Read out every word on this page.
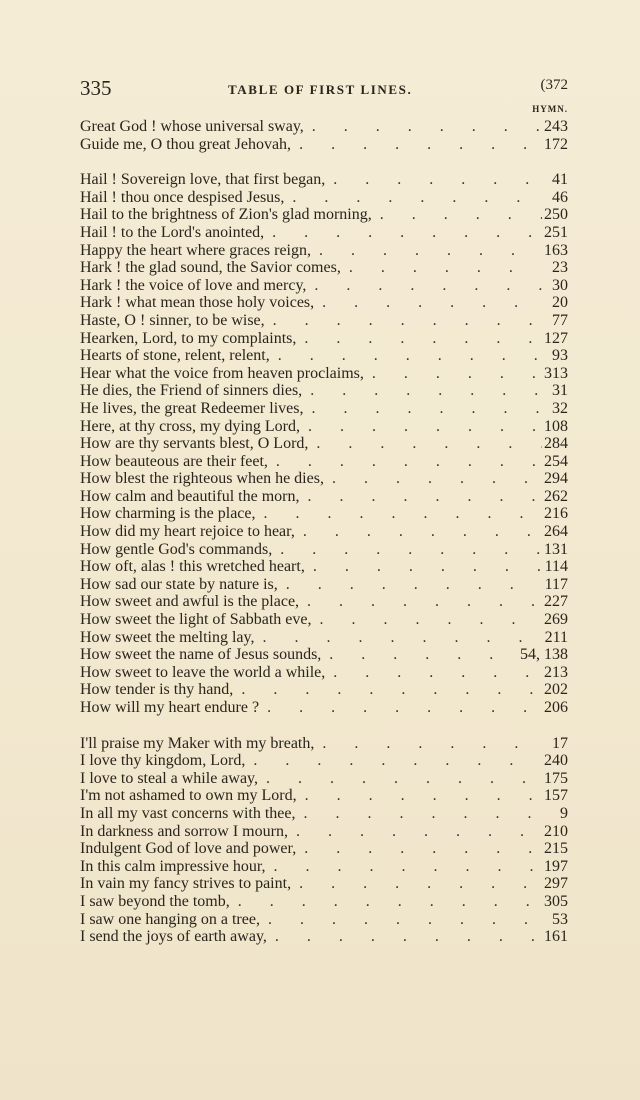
335	TABLE OF FIRST LINES.	(372
HYMN.
Great God ! whose universal sway, . . .	243
Guide me, O thou great Jehovah, . . .	172
Hail ! Sovereign love, that first began, . . .	41
Hail ! thou once despised Jesus, . . .	46
Hail to the brightness of Zion's glad morning, . . .	250
Hail ! to the Lord's anointed, . . .	251
Happy the heart where graces reign, . . .	163
Hark ! the glad sound, the Savior comes, . . .	23
Hark ! the voice of love and mercy, . . .	30
Hark ! what mean those holy voices, . . .	20
Haste, O ! sinner, to be wise, . . .	77
Hearken, Lord, to my complaints, . . .	127
Hearts of stone, relent, relent, . . .	93
Hear what the voice from heaven proclaims, . . .	313
He dies, the Friend of sinners dies, . . .	31
He lives, the great Redeemer lives, . . .	32
Here, at thy cross, my dying Lord, . . .	108
How are thy servants blest, O Lord, . . .	284
How beauteous are their feet, . . .	254
How blest the righteous when he dies, . . .	294
How calm and beautiful the morn, . . .	262
How charming is the place, . . .	216
How did my heart rejoice to hear, . . .	264
How gentle God's commands, . . .	131
How oft, alas ! this wretched heart, . . .	114
How sad our state by nature is, . . .	117
How sweet and awful is the place, . . .	227
How sweet the light of Sabbath eve, . . .	269
How sweet the melting lay, . . .	211
How sweet the name of Jesus sounds, . . .	54, 138
How sweet to leave the world a while, . . .	213
How tender is thy hand, . . .	202
How will my heart endure ? . . .	206
I'll praise my Maker with my breath, . . .	17
I love thy kingdom, Lord, . . .	240
I love to steal a while away, . . .	175
I'm not ashamed to own my Lord, . . .	157
In all my vast concerns with thee, . . .	9
In darkness and sorrow I mourn, . . .	210
Indulgent God of love and power, . . .	215
In this calm impressive hour, . . .	197
In vain my fancy strives to paint, . . .	297
I saw beyond the tomb, . . .	305
I saw one hanging on a tree, . . .	53
I send the joys of earth away, . . .	161
